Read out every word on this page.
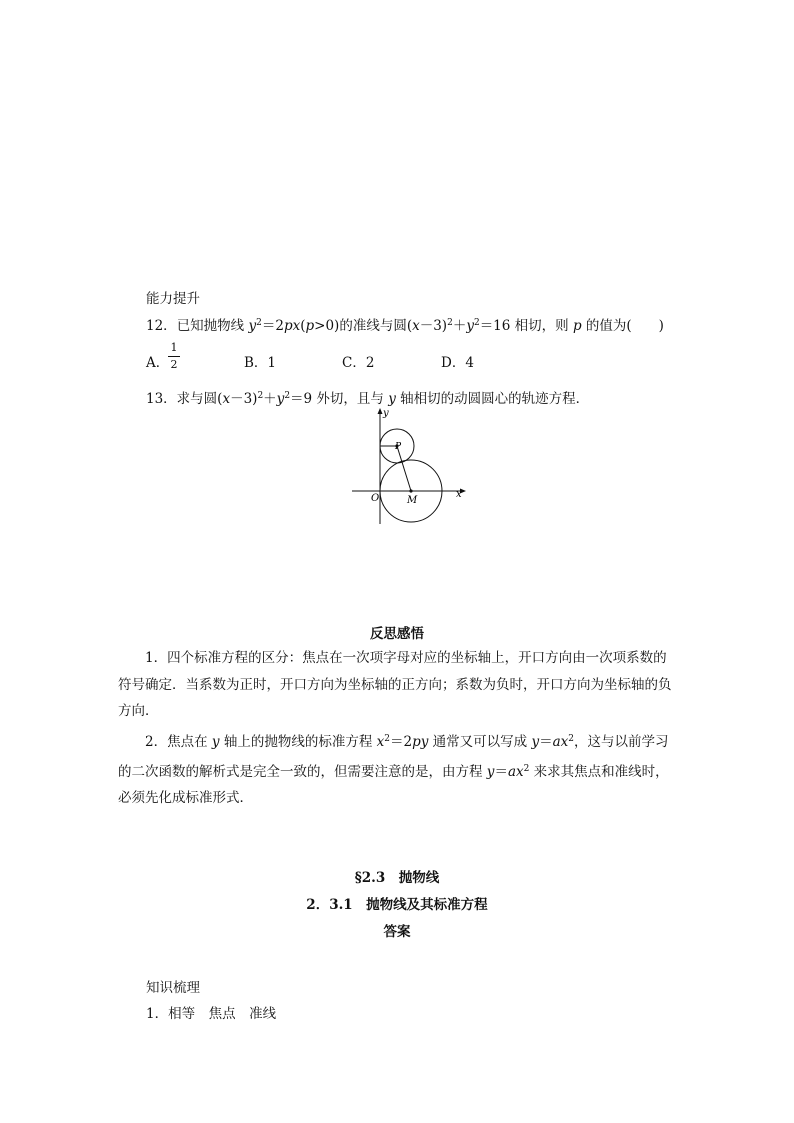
能力提升
12．已知抛物线 $y^2=2px(p>0)$的准线与圆$(x-3)^2+y^2=16$ 相切，则 p 的值为(　　)
A．
1
2	B．1	C．2	D．4
13．求与圆$(x-3)^2+y^2=9$ 外切，且与 y 轴相切的动圆圆心的轨迹方程．
y
x
O
P
M
反思感悟
1．四个标准方程的区分：焦点在一次项字母对应的坐标轴上，开口方向由一次项系数的符号确定．当系数为正时，开口方向为坐标轴的正方向；系数为负时，开口方向为坐标轴的负方向．
2．焦点在 y 轴上的抛物线的标准方程 $x^2=2py$ 通常又可以写成 $y=ax^2$，这与以前学习的二次函数的解析式是完全一致的，但需要注意的是，由方程 $y=ax^2$ 来求其焦点和准线时，必须先化成标准形式．
§2.3　抛物线
2．3.1　抛物线及其标准方程
答案
知识梳理
1．相等　焦点　准线
